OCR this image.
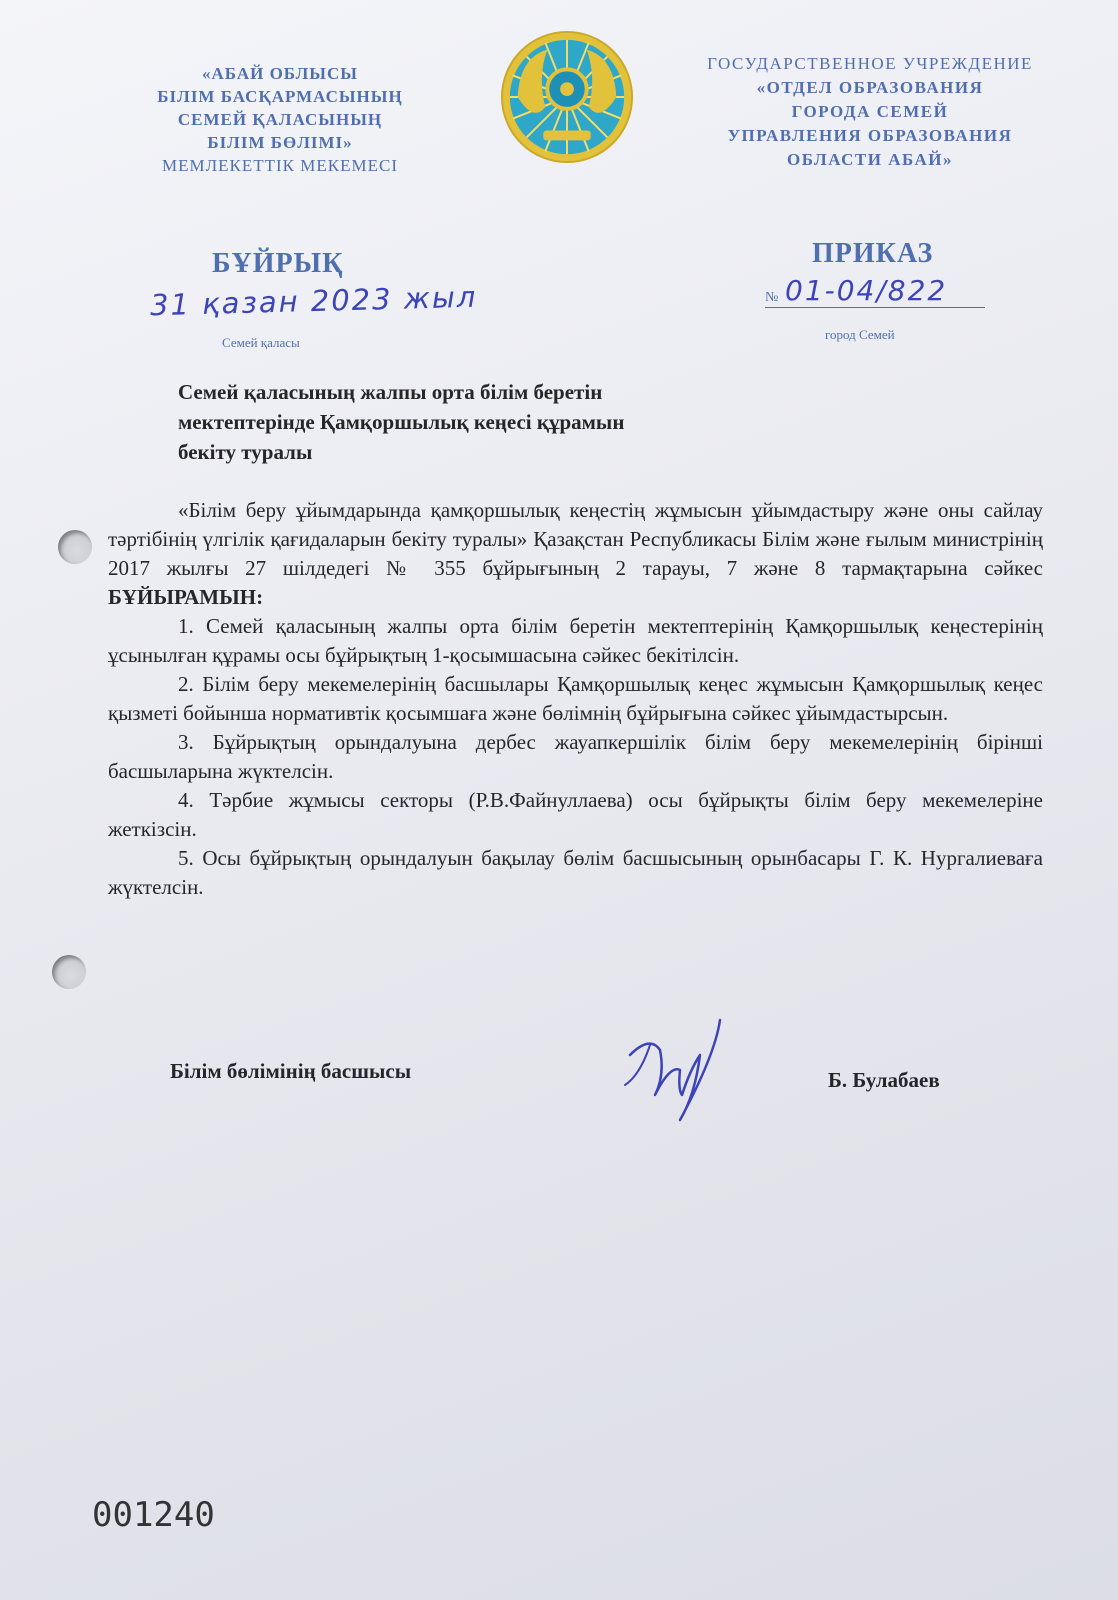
«АБАЙ ОБЛЫСЫ
БІЛІМ БАСҚАРМАСЫНЫҢ
СЕМЕЙ ҚАЛАСЫНЫҢ
БІЛІМ БӨЛІМІ»
МЕМЛЕКЕТТІК МЕКЕМЕСІ
ГОСУДАРСТВЕННОЕ УЧРЕЖДЕНИЕ
«ОТДЕЛ ОБРАЗОВАНИЯ
ГОРОДА СЕМЕЙ
УПРАВЛЕНИЯ ОБРАЗОВАНИЯ
ОБЛАСТИ АБАЙ»
БҰЙРЫҚ	ПРИКАЗ
31 қазан 2023 жыл
Семей қаласы
№ 01-04/822
город Семей
Семей қаласының жалпы орта білім беретін
мектептерінде Қамқоршылық кеңесі құрамын
бекіту туралы

«Білім беру ұйымдарында қамқоршылық кеңестің жұмысын ұйымдастыру және оны сайлау тәртібінің үлгілік қағидаларын бекіту туралы» Қазақстан Республикасы Білім және ғылым министрінің 2017 жылғы 27 шілдедегі № 355 бұйрығының 2 тарауы, 7 және 8 тармақтарына сәйкес БҰЙЫРАМЫН:

1. Семей қаласының жалпы орта білім беретін мектептерінің Қамқоршылық кеңестерінің ұсынылған құрамы осы бұйрықтың 1-қосымшасына сәйкес бекітілсін.

2. Білім беру мекемелерінің басшылары Қамқоршылық кеңес жұмысын Қамқоршылық кеңес қызметі бойынша нормативтік қосымшаға және бөлімнің бұйрығына сәйкес ұйымдастырсын.

3. Бұйрықтың орындалуына дербес жауапкершілік білім беру мекемелерінің бірінші басшыларына жүктелсін.

4. Тәрбие жұмысы секторы (Р.В.Файнуллаева) осы бұйрықты білім беру мекемелеріне жеткізсін.

5. Осы бұйрықтың орындалуын бақылау бөлім басшысының орынбасары Г. К. Нургалиеваға жүктелсін.

Білім бөлімінің басшысы	Б. Булабаев
001240
